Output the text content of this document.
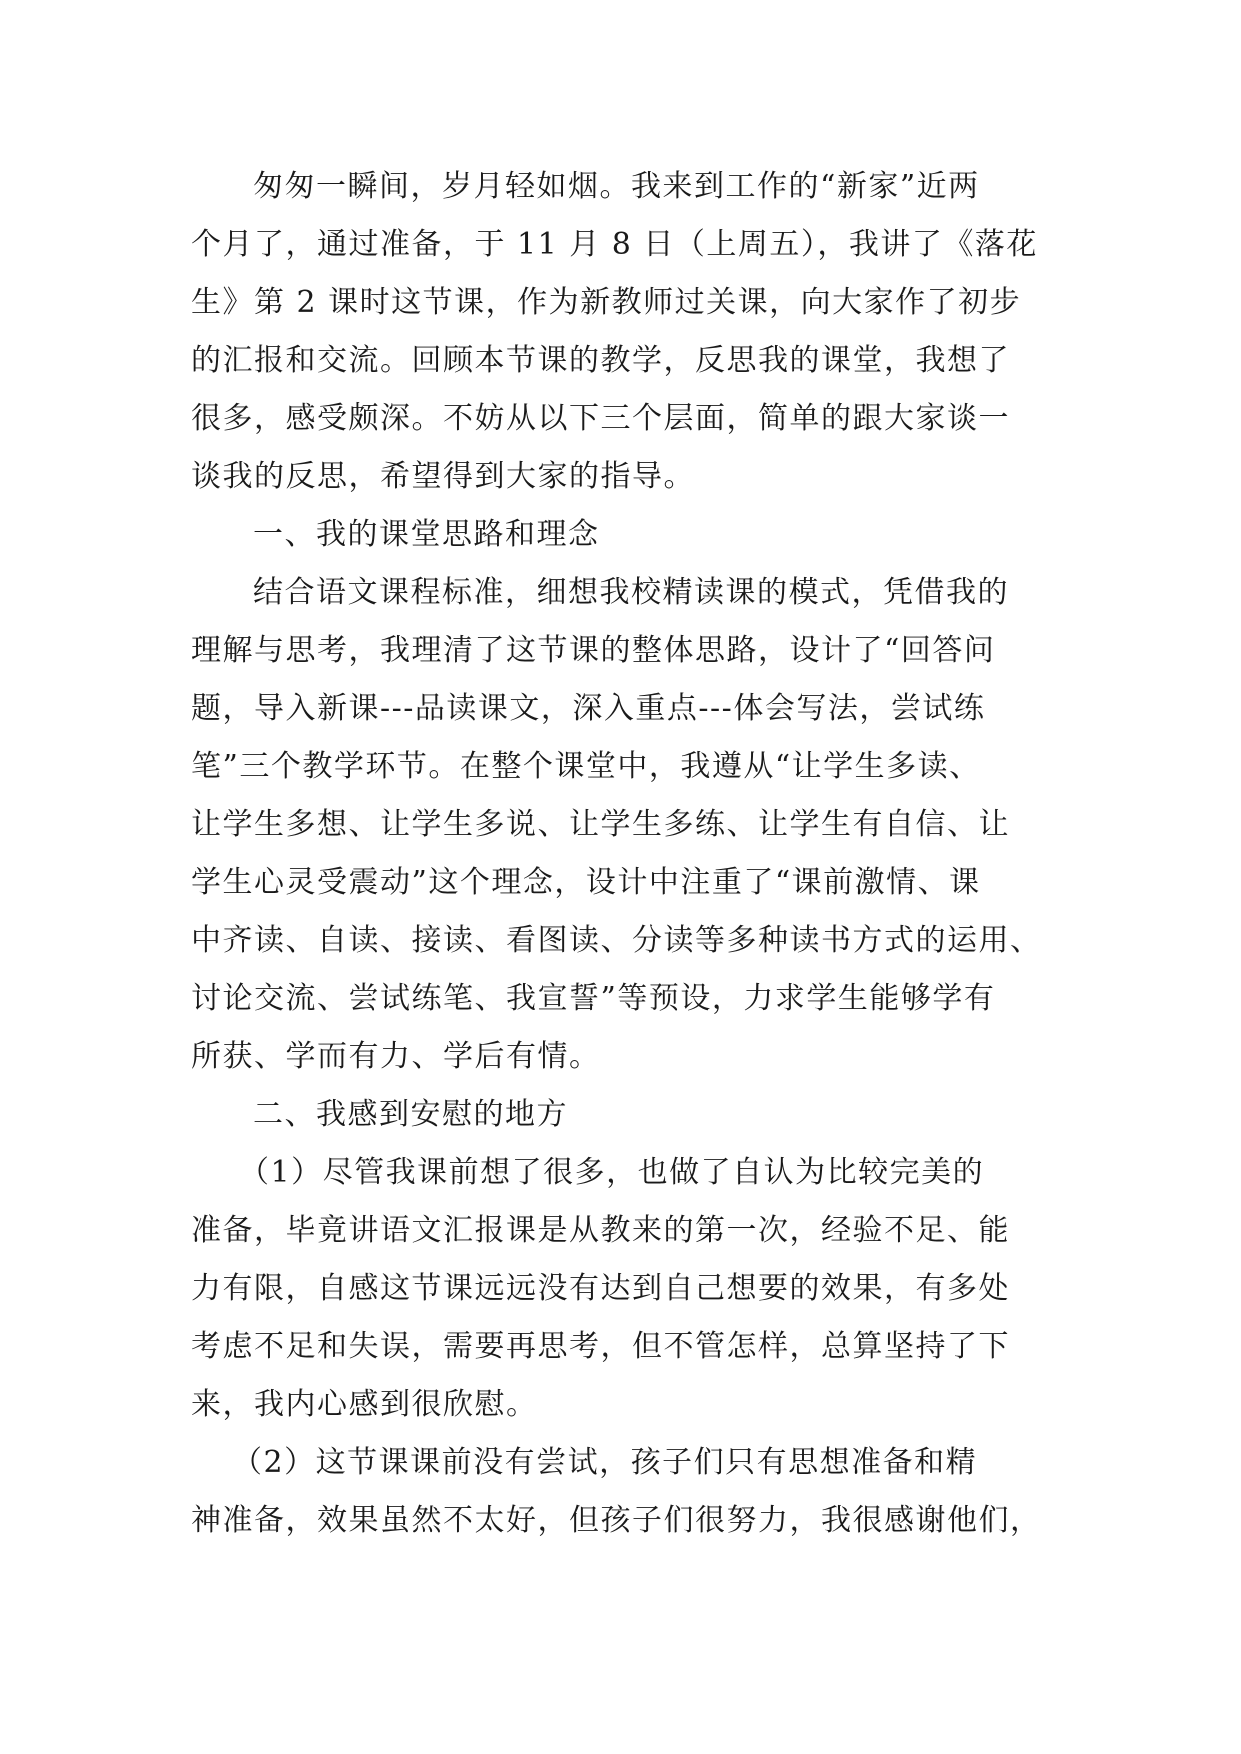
匆匆一瞬间，岁月轻如烟。我来到工作的“新家”近两
个月了，通过准备，于 11 月 8 日（上周五），我讲了《落花
生》第 2 课时这节课，作为新教师过关课，向大家作了初步
的汇报和交流。回顾本节课的教学，反思我的课堂，我想了
很多，感受颇深。不妨从以下三个层面，简单的跟大家谈一
谈我的反思，希望得到大家的指导。
一、我的课堂思路和理念
结合语文课程标准，细想我校精读课的模式，凭借我的
理解与思考，我理清了这节课的整体思路，设计了“回答问
题，导入新课---品读课文，深入重点---体会写法，尝试练
笔”三个教学环节。在整个课堂中，我遵从“让学生多读、
让学生多想、让学生多说、让学生多练、让学生有自信、让
学生心灵受震动”这个理念，设计中注重了“课前激情、课
中齐读、自读、接读、看图读、分读等多种读书方式的运用、
讨论交流、尝试练笔、我宣誓”等预设，力求学生能够学有
所获、学而有力、学后有情。
二、我感到安慰的地方
（1）尽管我课前想了很多，也做了自认为比较完美的
准备，毕竟讲语文汇报课是从教来的第一次，经验不足、能
力有限，自感这节课远远没有达到自己想要的效果，有多处
考虑不足和失误，需要再思考，但不管怎样，总算坚持了下
来，我内心感到很欣慰。
（2）这节课课前没有尝试，孩子们只有思想准备和精
神准备，效果虽然不太好，但孩子们很努力，我很感谢他们，
